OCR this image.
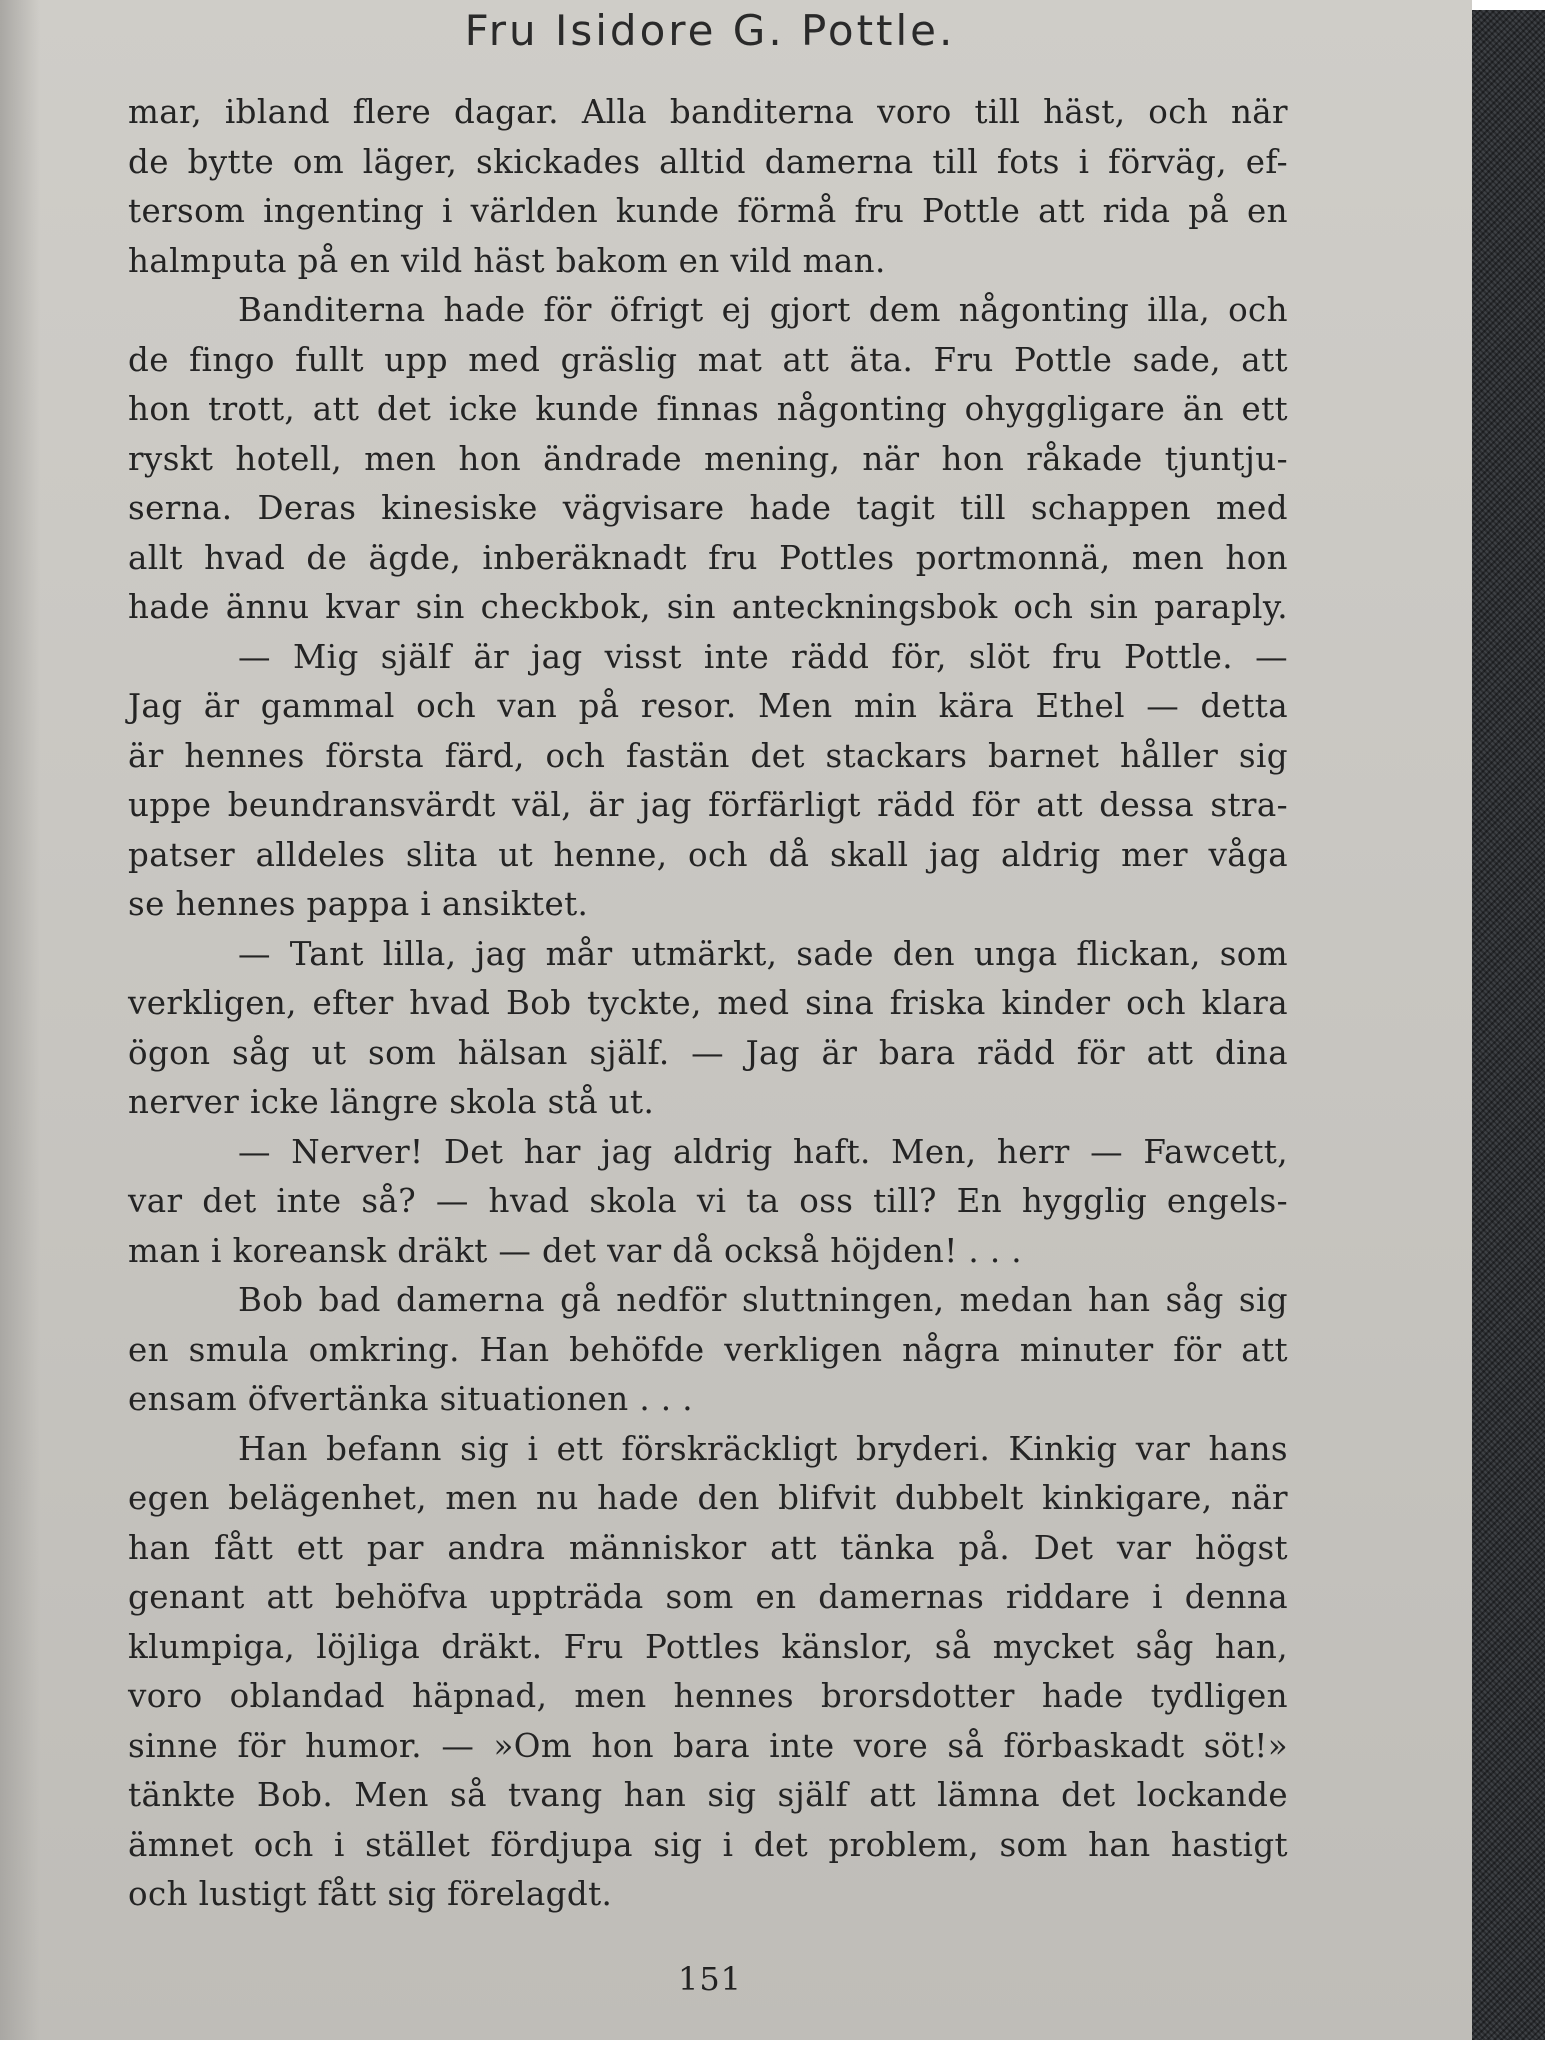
Fru Isidore G. Pottle.
mar, ibland flere dagar. Alla banditerna voro till häst, och när
de bytte om läger, skickades alltid damerna till fots i förväg, ef-
tersom ingenting i världen kunde förmå fru Pottle att rida på en
halmputa på en vild häst bakom en vild man.
Banditerna hade för öfrigt ej gjort dem någonting illa, och
de fingo fullt upp med gräslig mat att äta. Fru Pottle sade, att
hon trott, att det icke kunde finnas någonting ohyggligare än ett
ryskt hotell, men hon ändrade mening, när hon råkade tjuntju-
serna. Deras kinesiske vägvisare hade tagit till schappen med
allt hvad de ägde, inberäknadt fru Pottles portmonnä, men hon
hade ännu kvar sin checkbok, sin anteckningsbok och sin paraply.
— Mig själf är jag visst inte rädd för, slöt fru Pottle. —
Jag är gammal och van på resor. Men min kära Ethel — detta
är hennes första färd, och fastän det stackars barnet håller sig
uppe beundransvärdt väl, är jag förfärligt rädd för att dessa stra-
patser alldeles slita ut henne, och då skall jag aldrig mer våga
se hennes pappa i ansiktet.
— Tant lilla, jag mår utmärkt, sade den unga flickan, som
verkligen, efter hvad Bob tyckte, med sina friska kinder och klara
ögon såg ut som hälsan själf. — Jag är bara rädd för att dina
nerver icke längre skola stå ut.
— Nerver! Det har jag aldrig haft. Men, herr — Fawcett,
var det inte så? — hvad skola vi ta oss till? En hygglig engels-
man i koreansk dräkt — det var då också höjden! . . .
Bob bad damerna gå nedför sluttningen, medan han såg sig
en smula omkring. Han behöfde verkligen några minuter för att
ensam öfvertänka situationen . . .
Han befann sig i ett förskräckligt bryderi. Kinkig var hans
egen belägenhet, men nu hade den blifvit dubbelt kinkigare, när
han fått ett par andra människor att tänka på. Det var högst
genant att behöfva uppträda som en damernas riddare i denna
klumpiga, löjliga dräkt. Fru Pottles känslor, så mycket såg han,
voro oblandad häpnad, men hennes brorsdotter hade tydligen
sinne för humor. — »Om hon bara inte vore så förbaskadt söt!»
tänkte Bob. Men så tvang han sig själf att lämna det lockande
ämnet och i stället fördjupa sig i det problem, som han hastigt
och lustigt fått sig förelagdt.
151
